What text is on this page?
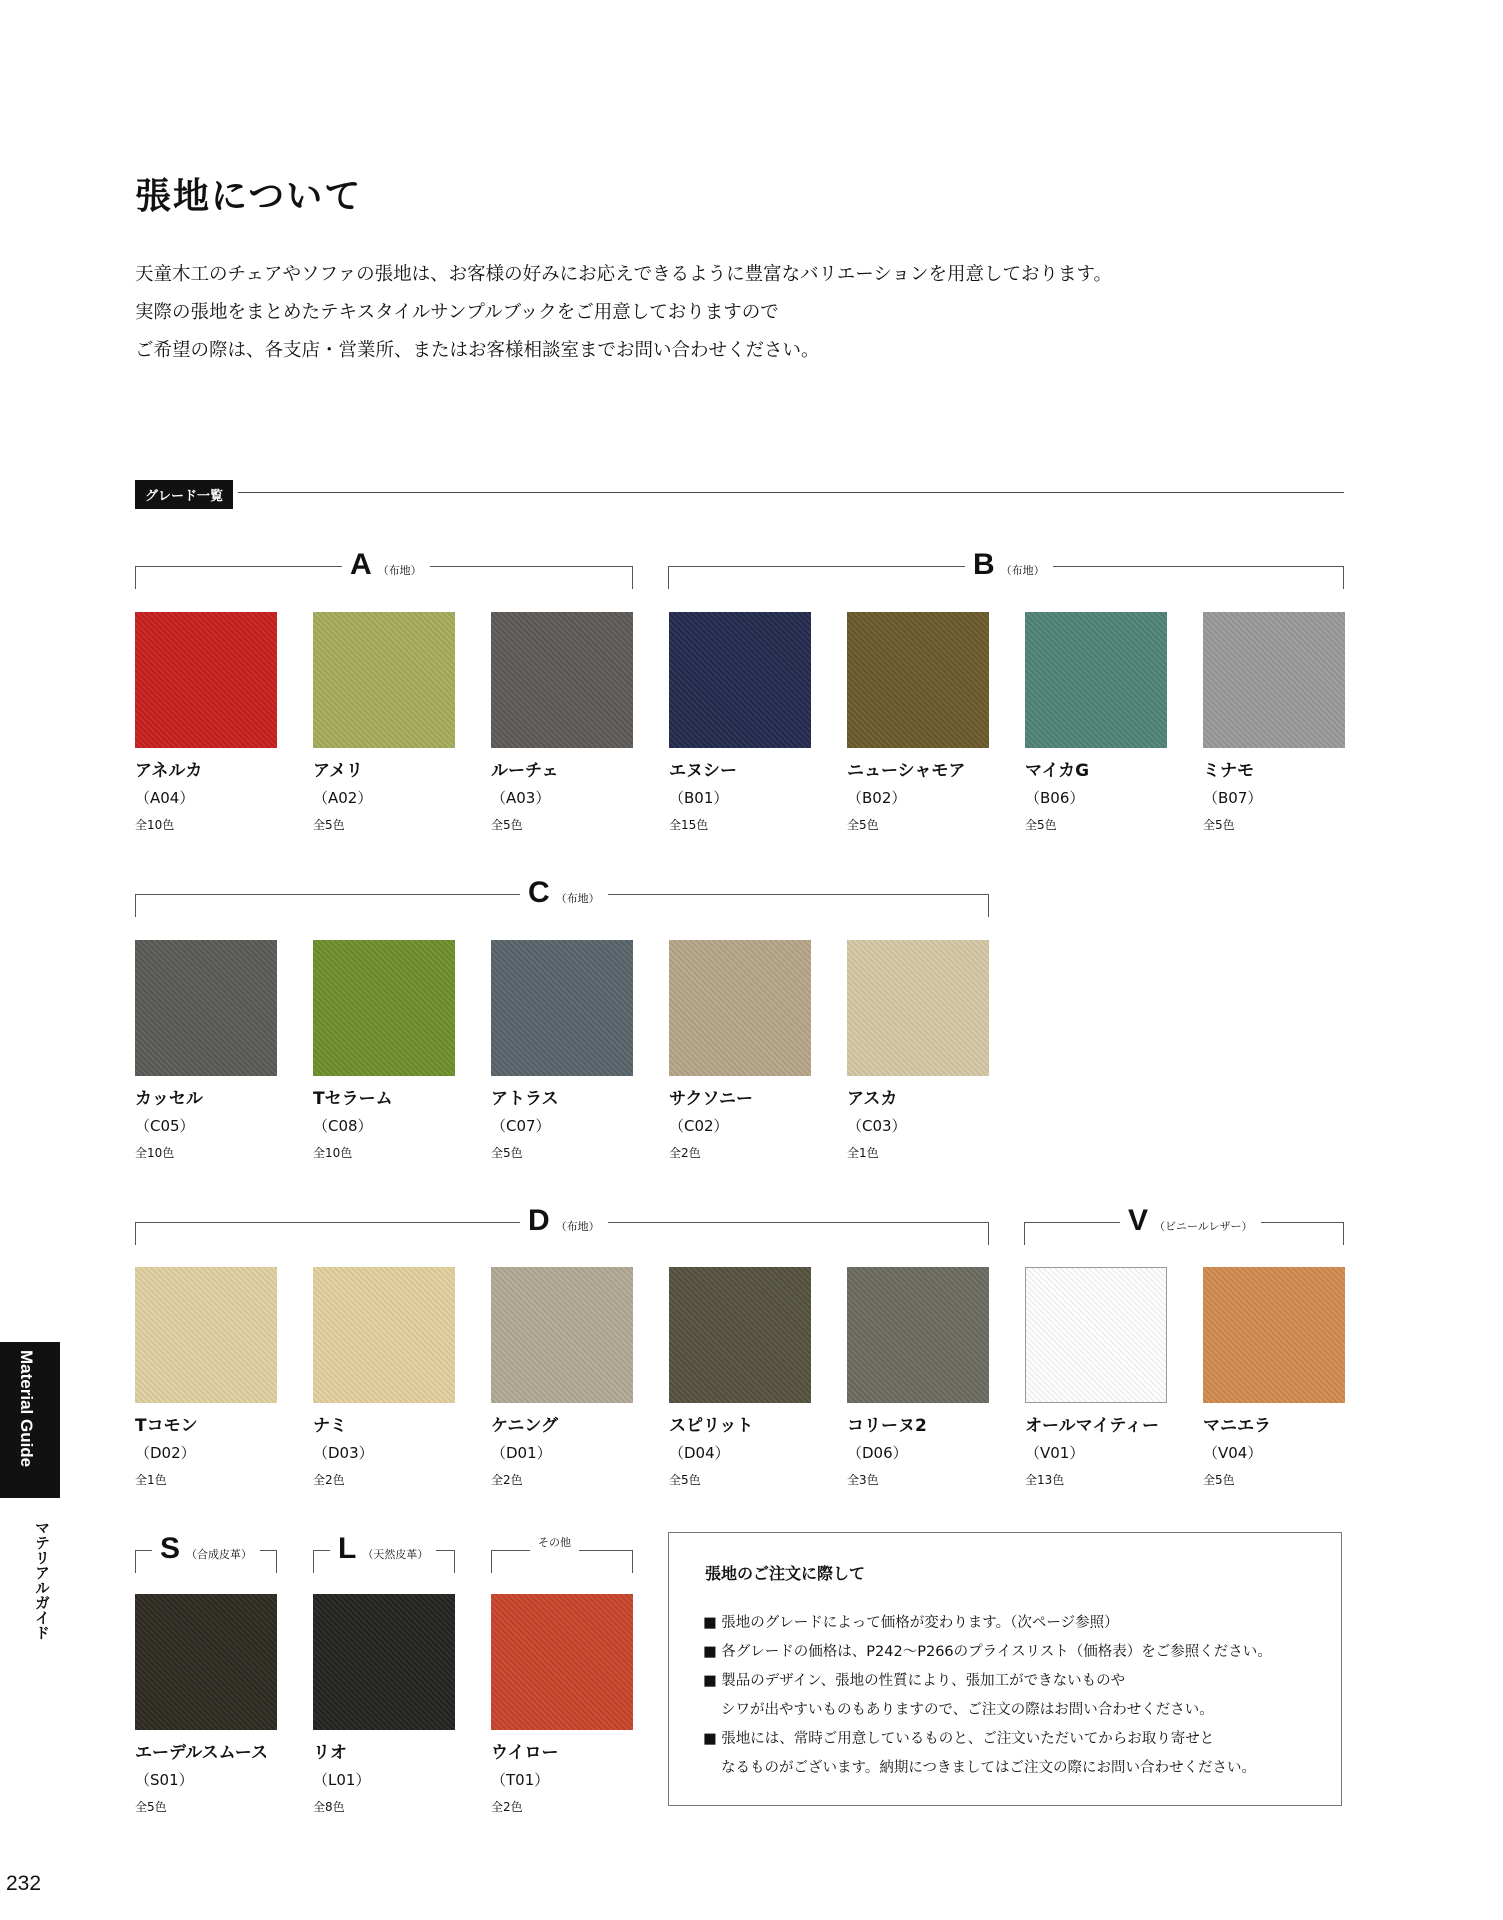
張地について
天童木工のチェアやソファの張地は、お客様の好みにお応えできるように豊富なバリエーションを用意しております。
実際の張地をまとめたテキスタイルサンプルブックをご用意しておりますので
ご希望の際は、各支店・営業所、またはお客様相談室までお問い合わせください。
グレード一覧
A （布地）	B （布地）
C （布地）
D （布地）	V （ビニールレザー）
S （合成皮革）	L （天然皮革）
その他
アネルカ
（A04）
全10色
アメリ
（A02）
全5色
ルーチェ
（A03）
全5色
エヌシー
（B01）
全15色
ニューシャモア
（B02）
全5色
マイカG
（B06）
全5色
ミナモ
（B07）
全5色
カッセル
（C05）
全10色
Tセラーム
（C08）
全10色
アトラス
（C07）
全5色
サクソニー
（C02）
全2色
アスカ
（C03）
全1色
Tコモン
（D02）
全1色
ナミ
（D03）
全2色
ケニング
（D01）
全2色
スピリット
（D04）
全5色
コリーヌ2
（D06）
全3色
オールマイティー
（V01）
全13色
マニエラ
（V04）
全5色
エーデルスムース
（S01）
全5色
リオ
（L01）
全8色
ウイロー
（T01）
全2色
張地のご注文に際して
■ 張地のグレードによって価格が変わります。（次ページ参照）
■ 各グレードの価格は、P242〜P266のプライスリスト（価格表）をご参照ください。
■ 製品のデザイン、張地の性質により、張加工ができないものや
シワが出やすいものもありますので、ご注文の際はお問い合わせください。
■ 張地には、常時ご用意しているものと、ご注文いただいてからお取り寄せと
なるものがございます。納期につきましてはご注文の際にお問い合わせください。
Material Guide
マテリアルガイド
232
